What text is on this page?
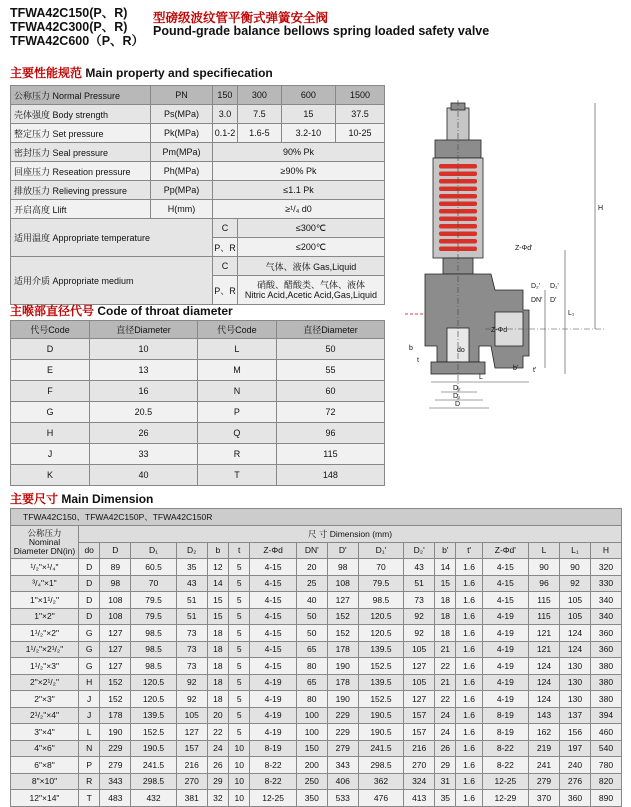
TFWA42C150(P、R)
TFWA42C300(P、R)
TFWA42C600（P、R）
型磅级波纹管平衡式弹簧安全阀
Pound-grade balance bellows spring loaded safety valve
主要性能规范 Main property and specifiecation
公称压力 Normal Pressure	PN	150	300	600	1500
壳体强度 Body strength	Ps(MPa)	3.0	7.5	15	37.5
整定压力 Set pressure	Pk(MPa)	0.1-2	1.6-5	3.2-10	10-25
密封压力 Seal pressure	Pm(MPa)	90% Pk			
回座压力 Reseation pressure	Ph(MPa)	≥90% Pk			
排放压力 Relieving pressure	Pp(MPa)	≤1.1 Pk			
开启高度 Llift	H(mm)	≥¹/₄ d0			
适用温度 Appropriate temperature		C	≤300℃		
		P、R	≤200℃		
适用介质 Appropriate medium		C	气体、液体 Gas,Liquid		
		P、R	硝酸、醋酸类、气体、液体
Nitric Acid,Acetic Acid,Gas,Liquid		
主喉部直径代号 Code of throat diameter
代号Code	直径Diameter	代号Code	直径Diameter
D	10	L	50
E	13	M	55
F	16	N	60
G	20.5	P	72
H	26	Q	96
J	33	R	115
K	40	T	148
主要尺寸 Main Dimension
TFWA42C150、TFWA42C150P、TFWA42C150R																	
公称压力 Nominal Diameter DN(in)	尺 寸 Dimension (mm)																
	do	D	D₁	D₂	b	t	Z-Φd	DN'	D'	D₁'	D₂'	b'	t'	Z-Φd'	L	L₁	H
¹/₂"×¹/₄"	D	89	60.5	35	12	5	4-15	20	98	70	43	14	1.6	4-15	90	90	320
³/₄"×1"	D	98	70	43	14	5	4-15	25	108	79.5	51	15	1.6	4-15	96	92	330
1"×1¹/₂"	D	108	79.5	51	15	5	4-15	40	127	98.5	73	18	1.6	4-15	115	105	340
1"×2"	D	108	79.5	51	15	5	4-15	50	152	120.5	92	18	1.6	4-19	115	105	340
1¹/₂"×2"	G	127	98.5	73	18	5	4-15	50	152	120.5	92	18	1.6	4-19	121	124	360
1¹/₂"×2¹/₂"	G	127	98.5	73	18	5	4-15	65	178	139.5	105	21	1.6	4-19	121	124	360
1¹/₂"×3"	G	127	98.5	73	18	5	4-15	80	190	152.5	127	22	1.6	4-19	124	130	380
2"×2¹/₂"	H	152	120.5	92	18	5	4-19	65	178	139.5	105	21	1.6	4-19	124	130	380
2"×3"	J	152	120.5	92	18	5	4-19	80	190	152.5	127	22	1.6	4-19	124	130	380
2¹/₂"×4"	J	178	139.5	105	20	5	4-19	100	229	190.5	157	24	1.6	8-19	143	137	394
3"×4"	L	190	152.5	127	22	5	4-19	100	229	190.5	157	24	1.6	8-19	162	156	460
4"×6"	N	229	190.5	157	24	10	8-19	150	279	241.5	216	26	1.6	8-22	219	197	540
6"×8"	P	279	241.5	216	26	10	8-22	200	343	298.5	270	29	1.6	8-22	241	240	780
8"×10"	R	343	298.5	270	29	10	8-22	250	406	362	324	31	1.6	12-25	279	276	820
12"×14"	T	483	432	381	32	10	12-25	350	533	476	413	35	1.6	12-29	370	360	890
H
L₁
L
b
t
t'
Z-Φd
Z-Φd'
do
D₂
D₁
D
DN'
D₂' D₁'
D'
b'
